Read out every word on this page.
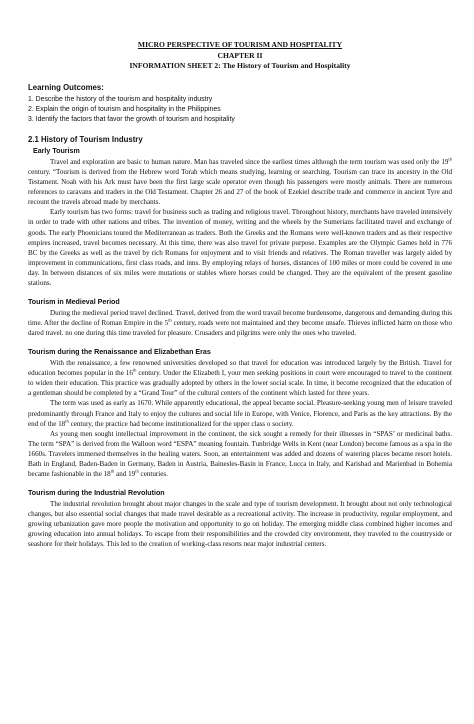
MICRO PERSPECTIVE OF TOURISM AND HOSPITALITY
CHAPTER II
INFORMATION SHEET 2: The History of Tourism and Hospitality
Learning Outcomes:
1. Describe the history of the tourism and hospitality industry
2. Explain the origin of tourism and hospitality in the Philippines
3. Identify the factors that favor the growth of tourism and hospitality
2.1 History of Tourism Industry
Early Tourism

Travel and exploration are basic to human nature. Man has traveled since the earliest times although the term tourism was used only the 19th century. “Tourism is derived from the Hebrew word Torah which means studying, learning or searching. Tourism can trace its ancestry in the Old Testament. Noah with his Ark must have been the first large scale operator even though his passengers were mostly animals. There are numerous references to caravans and traders in the Old Testament. Chapter 26 and 27 of the book of Ezekiel describe trade and commerce in ancient Tyre and recount the travels abroad made by merchants.

Early tourism has two forms: travel for business such as trading and religious travel. Throughout history, merchants have traveled intensively in order to trade with other nations and tribes. The invention of money, writing and the wheels by the Sumerians facilitated travel and exchange of goods. The early Phoenicians toured the Mediterranean as traders. Both the Greeks and the Romans were well-known traders and as their respective empires increased, travel becomes necessary. At this time, there was also travel for private purpose. Examples are the Olympic Games held in 776 BC by the Greeks as well as the travel by rich Romans for enjoyment and to visit friends and relatives. The Roman traveller was largely aided by improvement in communications, first class roads, and inns. By employing relays of horses, distances of 100 miles or more could be covered in one day. In between distances of six miles were mutations or stables where horses could be changed. They are the equivalent of the present gasoline stations.

Tourism in Medieval Period

During the medieval period travel declined. Travel, derived from the word travail become burdensome, dangerous and demanding during this time. After the decline of Roman Empire in the 5th century, roads were not maintained and they become unsafe. Thieves inflicted harm on those who dared travel. no one during this time traveled for pleasure. Crusaders and pilgrims were only the ones who traveled.

Tourism during the Renaissance and Elizabethan Eras

With the renaissance, a few renowned universities developed so that travel for education was introduced largely by the British. Travel for education becomes popular in the 16th century. Under the Elizabeth I, your men seeking positions in court were encouraged to travel to the continent to widen their education. This practice was gradually adopted by others in the lower social scale. In time, it become recognized that the education of a gentleman should be completed by a “Grand Tour” of the cultural centers of the continent which lasted for three years.

The term was used as early as 1670. While apparently educational, the appeal became social. Pleasure-seeking young men of leisure traveled predominantly through France and Italy to enjoy the cultures and social life in Europe, with Venice, Florence, and Paris as the key attractions. By the end of the 18th century, the practice had become institutionalized for the upper class o society.

As young men sought intellectual improvement in the continent, the sick sought a remedy for their illnesses in “SPAS’ or medicinal baths. The term “SPA” is derived from the Walloon word “ESPA” meaning fountain. Tunbridge Wells in Kent (near London) become famous as a spa in the 1660s. Travelers immersed themselves in the healing waters. Soon, an entertainment was added and dozens of watering places became resort hotels. Bath in England, Baden-Baden in Germany, Baden in Austria, Bainesles-Basin in France, Lucca in Italy, and Karisbad and Marienbad in Bohemia became fashionable in the 18th and 19th centuries.

Tourism during the Industrial Revolution

The industrial revolution brought about major changes in the scale and type of tourism development. It brought about not only technological changes, but also essential social changes that made travel desirable as a recreational activity. The increase in productivity, regular employment, and growing urbanization gave more people the motivation and opportunity to go on holiday. The emerging middle class combined higher incomes and growing education into annual holidays. To escape from their responsibilities and the crowded city environment, they traveled to the countryside or seashore for their holidays. This led to the creation of working-class resorts near major industrial centers.
